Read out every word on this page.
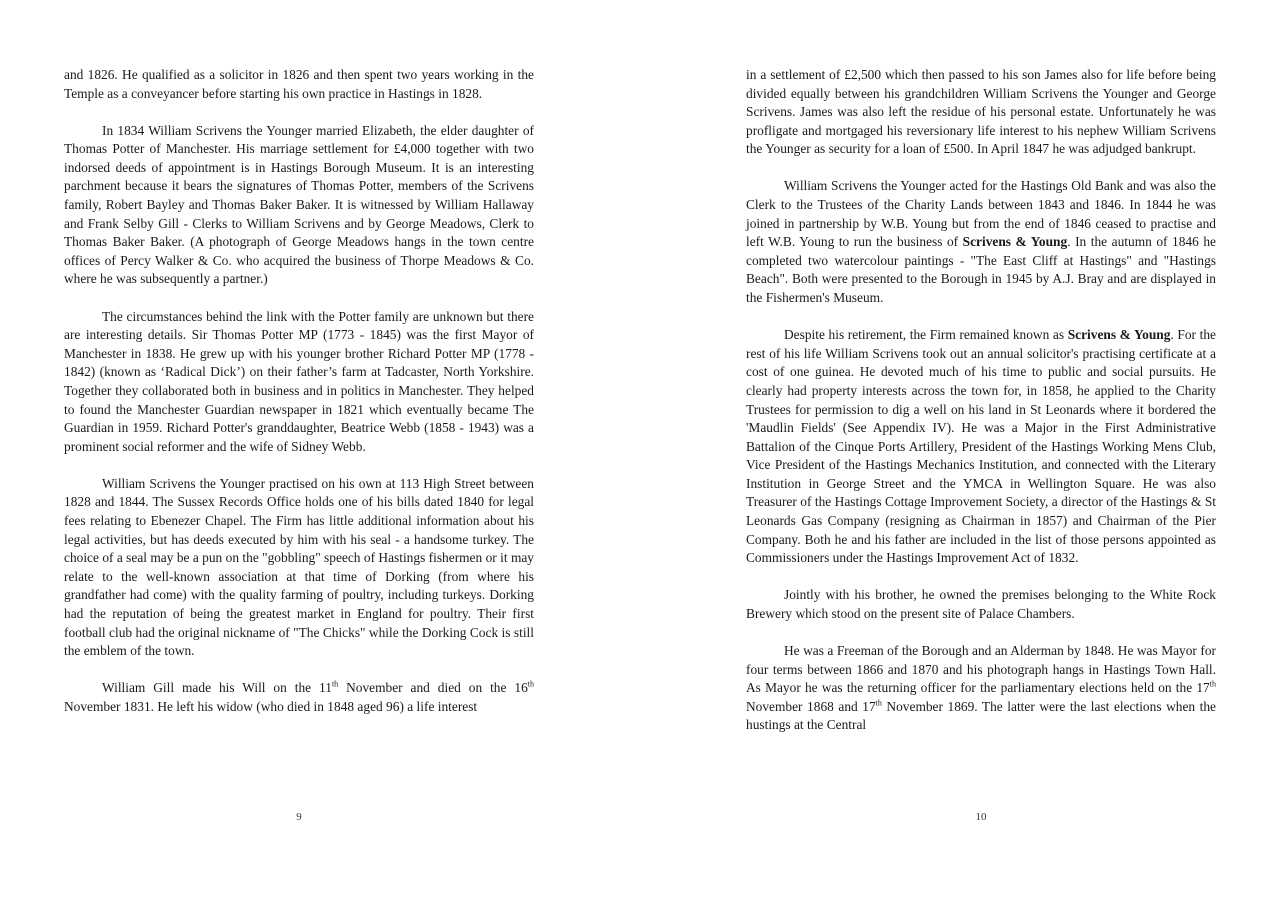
and 1826. He qualified as a solicitor in 1826 and then spent two years working in the Temple as a conveyancer before starting his own practice in Hastings in 1828.

In 1834 William Scrivens the Younger married Elizabeth, the elder daughter of Thomas Potter of Manchester. His marriage settlement for £4,000 together with two indorsed deeds of appointment is in Hastings Borough Museum. It is an interesting parchment because it bears the signatures of Thomas Potter, members of the Scrivens family, Robert Bayley and Thomas Baker Baker. It is witnessed by William Hallaway and Frank Selby Gill - Clerks to William Scrivens and by George Meadows, Clerk to Thomas Baker Baker. (A photograph of George Meadows hangs in the town centre offices of Percy Walker & Co. who acquired the business of Thorpe Meadows & Co. where he was subsequently a partner.)

The circumstances behind the link with the Potter family are unknown but there are interesting details. Sir Thomas Potter MP (1773 - 1845) was the first Mayor of Manchester in 1838. He grew up with his younger brother Richard Potter MP (1778 - 1842) (known as ‘Radical Dick’) on their father’s farm at Tadcaster, North Yorkshire. Together they collaborated both in business and in politics in Manchester. They helped to found the Manchester Guardian newspaper in 1821 which eventually became The Guardian in 1959. Richard Potter's granddaughter, Beatrice Webb (1858 - 1943) was a prominent social reformer and the wife of Sidney Webb.

William Scrivens the Younger practised on his own at 113 High Street between 1828 and 1844. The Sussex Records Office holds one of his bills dated 1840 for legal fees relating to Ebenezer Chapel. The Firm has little additional information about his legal activities, but has deeds executed by him with his seal - a handsome turkey. The choice of a seal may be a pun on the "gobbling" speech of Hastings fishermen or it may relate to the well-known association at that time of Dorking (from where his grandfather had come) with the quality farming of poultry, including turkeys. Dorking had the reputation of being the greatest market in England for poultry. Their first football club had the original nickname of "The Chicks" while the Dorking Cock is still the emblem of the town.

William Gill made his Will on the 11th November and died on the 16th November 1831. He left his widow (who died in 1848 aged 96) a life interest

9

in a settlement of £2,500 which then passed to his son James also for life before being divided equally between his grandchildren William Scrivens the Younger and George Scrivens. James was also left the residue of his personal estate. Unfortunately he was profligate and mortgaged his reversionary life interest to his nephew William Scrivens the Younger as security for a loan of £500. In April 1847 he was adjudged bankrupt.

William Scrivens the Younger acted for the Hastings Old Bank and was also the Clerk to the Trustees of the Charity Lands between 1843 and 1846. In 1844 he was joined in partnership by W.B. Young but from the end of 1846 ceased to practise and left W.B. Young to run the business of Scrivens & Young. In the autumn of 1846 he completed two watercolour paintings - "The East Cliff at Hastings" and "Hastings Beach". Both were presented to the Borough in 1945 by A.J. Bray and are displayed in the Fishermen's Museum.

Despite his retirement, the Firm remained known as Scrivens & Young. For the rest of his life William Scrivens took out an annual solicitor's practising certificate at a cost of one guinea. He devoted much of his time to public and social pursuits. He clearly had property interests across the town for, in 1858, he applied to the Charity Trustees for permission to dig a well on his land in St Leonards where it bordered the 'Maudlin Fields' (See Appendix IV). He was a Major in the First Administrative Battalion of the Cinque Ports Artillery, President of the Hastings Working Mens Club, Vice President of the Hastings Mechanics Institution, and connected with the Literary Institution in George Street and the YMCA in Wellington Square. He was also Treasurer of the Hastings Cottage Improvement Society, a director of the Hastings & St Leonards Gas Company (resigning as Chairman in 1857) and Chairman of the Pier Company. Both he and his father are included in the list of those persons appointed as Commissioners under the Hastings Improvement Act of 1832.

Jointly with his brother, he owned the premises belonging to the White Rock Brewery which stood on the present site of Palace Chambers.

He was a Freeman of the Borough and an Alderman by 1848. He was Mayor for four terms between 1866 and 1870 and his photograph hangs in Hastings Town Hall. As Mayor he was the returning officer for the parliamentary elections held on the 17th November 1868 and 17th November 1869. The latter were the last elections when the hustings at the Central

10
